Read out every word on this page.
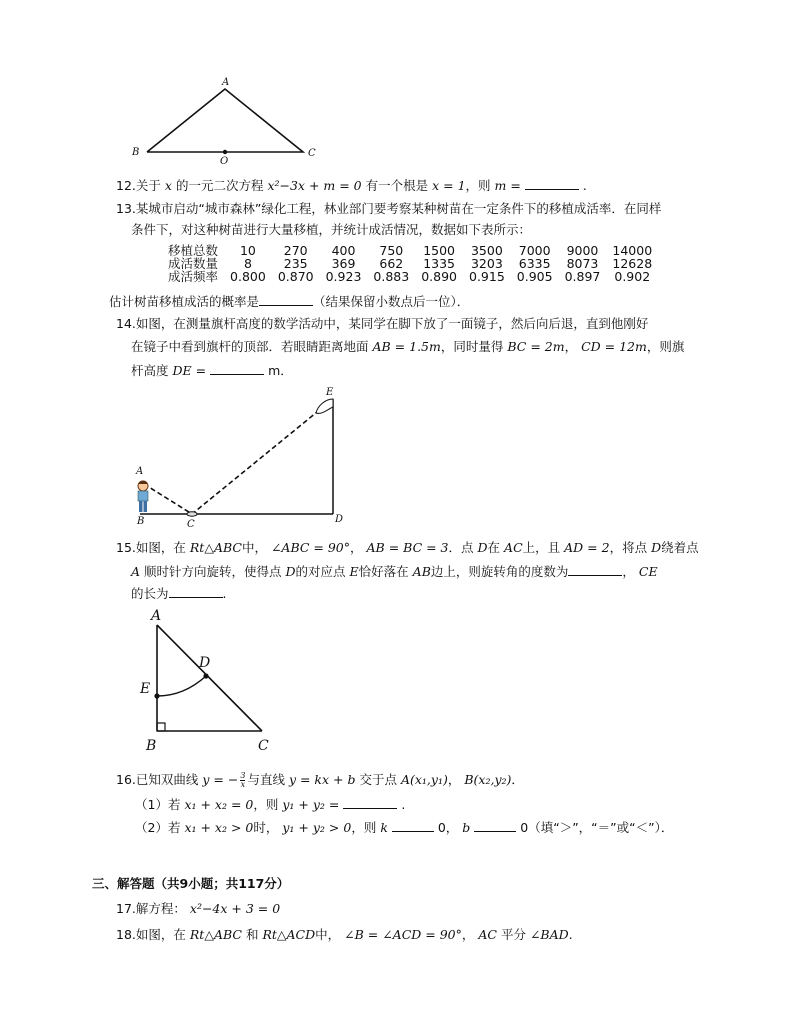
A
B	C
O
12.关于 x 的一元二次方程 x²−3x + m = 0 有一个根是 x = 1，则 m =	.
13.某城市启动“城市森林”绿化工程，林业部门要考察某种树苗在一定条件下的移植成活率．在同样
条件下，对这种树苗进行大量移植，并统计成活情况，数据如下表所示：
移植总数	10	270	400	750	1500	3500	7000	9000	14000
成活数量	8	235	369	662	1335	3203	6335	8073	12628
成活频率	0.800	0.870	0.923	0.883	0.890	0.915	0.905	0.897	0.902
估计树苗移植成活的概率是	（结果保留小数点后一位）．
14.如图，在测量旗杆高度的数学活动中，某同学在脚下放了一面镜子，然后向后退，直到他刚好
在镜子中看到旗杆的顶部．若眼睛距离地面 AB = 1.5m，同时量得 BC = 2m， CD = 12m，则旗
杆高度 DE =	m．
A
B	C	D
E
15.如图，在 Rt△ABC中， ∠ABC = 90°， AB = BC = 3．点 D在 AC上，且 AD = 2，将点 D绕着点
A 顺时针方向旋转，使得点 D的对应点 E恰好落在 AB边上，则旋转角的度数为	， CE
的长为	.
A
B	C
D
E
16.已知双曲线 y = − $\frac{3}{x}$ 与直线 y = kx + b 交于点 A(x₁,y₁)， B(x₂,y₂)．
（1）若 x₁ + x₂ = 0，则 y₁ + y₂ =	.
（2）若 x₁ + x₂ > 0时， y₁ + y₂ > 0，则 k	0， b	0（填“＞”，“＝”或“＜”）．
三、解答题（共9小题；共117分）
17.解方程： x²−4x + 3 = 0
18.如图，在 Rt△ABC 和 Rt△ACD中， ∠B = ∠ACD = 90°， AC 平分 ∠BAD.
